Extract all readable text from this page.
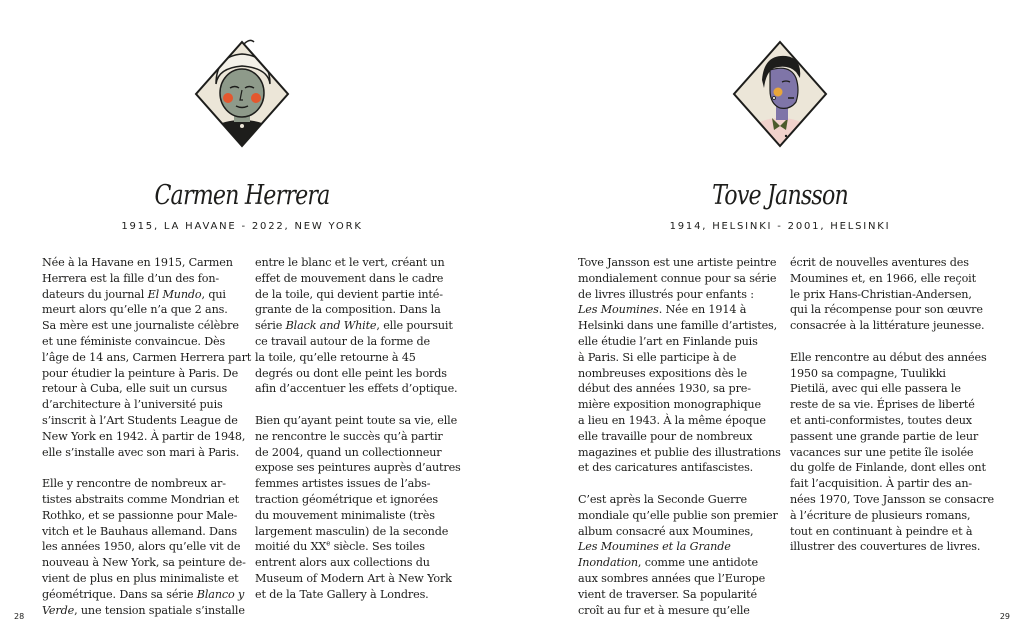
Carmen Herrera
1915, LA HAVANE - 2022, NEW YORK
Née à la Havane en 1915, Carmen
Herrera est la fille d’un des fon-
dateurs du journal El Mundo, qui
meurt alors qu’elle n’a que 2 ans.
Sa mère est une journaliste célèbre
et une féministe convaincue. Dès
l’âge de 14 ans, Carmen Herrera part
pour étudier la peinture à Paris. De
retour à Cuba, elle suit un cursus
d’architecture à l’université puis
s’inscrit à l’Art Students League de
New York en 1942. À partir de 1948,
elle s’installe avec son mari à Paris.
Elle y rencontre de nombreux ar-
tistes abstraits comme Mondrian et
Rothko, et se passionne pour Male-
vitch et le Bauhaus allemand. Dans
les années 1950, alors qu’elle vit de
nouveau à New York, sa peinture de-
vient de plus en plus minimaliste et
géométrique. Dans sa série Blanco y
Verde, une tension spatiale s’installe
entre le blanc et le vert, créant un
effet de mouvement dans le cadre
de la toile, qui devient partie inté-
grante de la composition. Dans la
série Black and White, elle poursuit
ce travail autour de la forme de
la toile, qu’elle retourne à 45
degrés ou dont elle peint les bords
afin d’accentuer les effets d’optique.
Bien qu’ayant peint toute sa vie, elle
ne rencontre le succès qu’à partir
de 2004, quand un collectionneur
expose ses peintures auprès d’autres
femmes artistes issues de l’abs-
traction géométrique et ignorées
du mouvement minimaliste (très
largement masculin) de la seconde
moitié du XXe siècle. Ses toiles
entrent alors aux collections du
Museum of Modern Art à New York
et de la Tate Gallery à Londres.
28
Tove Jansson
1914, HELSINKI - 2001, HELSINKI
Tove Jansson est une artiste peintre
mondialement connue pour sa série
de livres illustrés pour enfants :
Les Moumines. Née en 1914 à
Helsinki dans une famille d’artistes,
elle étudie l’art en Finlande puis
à Paris. Si elle participe à de
nombreuses expositions dès le
début des années 1930, sa pre-
mière exposition monographique
a lieu en 1943. À la même époque
elle travaille pour de nombreux
magazines et publie des illustrations
et des caricatures antifascistes.
C’est après la Seconde Guerre
mondiale qu’elle publie son premier
album consacré aux Moumines,
Les Moumines et la Grande
Inondation, comme une antidote
aux sombres années que l’Europe
vient de traverser. Sa popularité
croît au fur et à mesure qu’elle
écrit de nouvelles aventures des
Moumines et, en 1966, elle reçoit
le prix Hans-Christian-Andersen,
qui la récompense pour son œuvre
consacrée à la littérature jeunesse.
Elle rencontre au début des années
1950 sa compagne, Tuulikki
Pietilä, avec qui elle passera le
reste de sa vie. Éprises de liberté
et anti-conformistes, toutes deux
passent une grande partie de leur
vacances sur une petite île isolée
du golfe de Finlande, dont elles ont
fait l’acquisition. À partir des an-
nées 1970, Tove Jansson se consacre
à l’écriture de plusieurs romans,
tout en continuant à peindre et à
illustrer des couvertures de livres.
29
